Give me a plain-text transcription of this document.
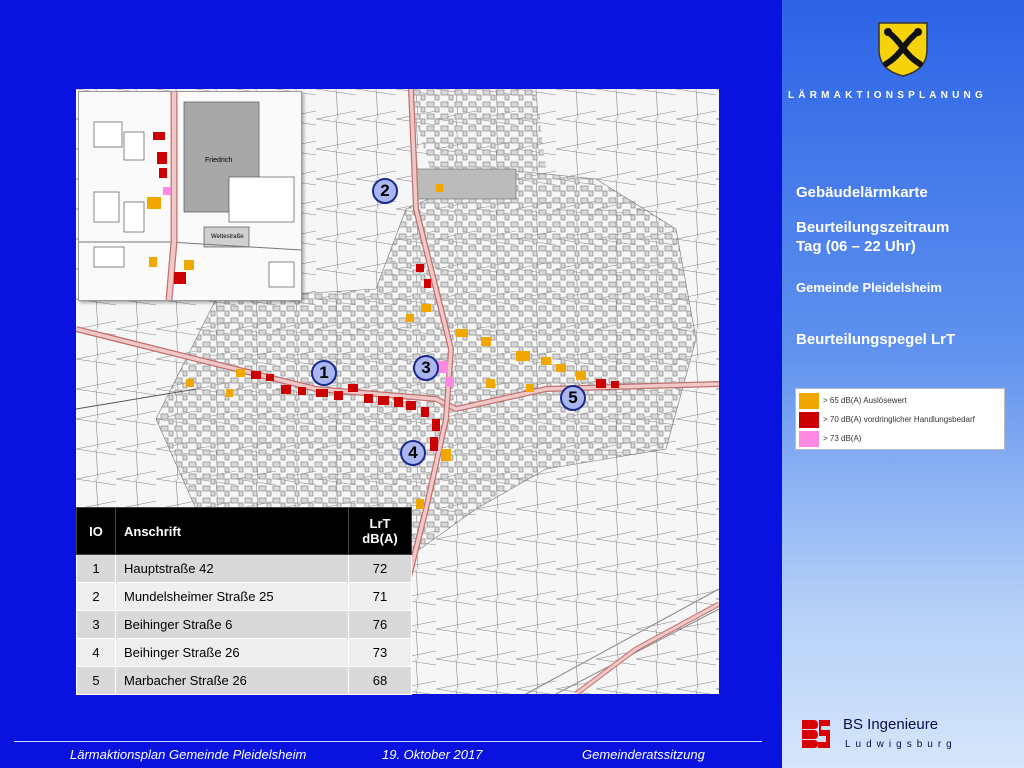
Friedrich
Wettestraße
2
1	3
5
4
IO	Anschrift	LrT
dB(A)
1	Hauptstraße 42	72
2	Mundelsheimer Straße 25	71
3	Beihinger Straße 6	76
4	Beihinger Straße 26	73
5	Marbacher Straße 26	68
LÄRMAKTIONSPLANUNG
Gebäudelärmkarte
Beurteilungszeitraum
Tag (06 – 22 Uhr)
Gemeinde Pleidelsheim
Beurteilungspegel LrT
> 65 dB(A) Auslösewert
> 70 dB(A) vordringlicher Handlungsbedarf
> 73 dB(A)
BS Ingenieure
Ludwigsburg
Lärmaktionsplan Gemeinde Pleidelsheim	19. Oktober 2017	Gemeinderatssitzung
